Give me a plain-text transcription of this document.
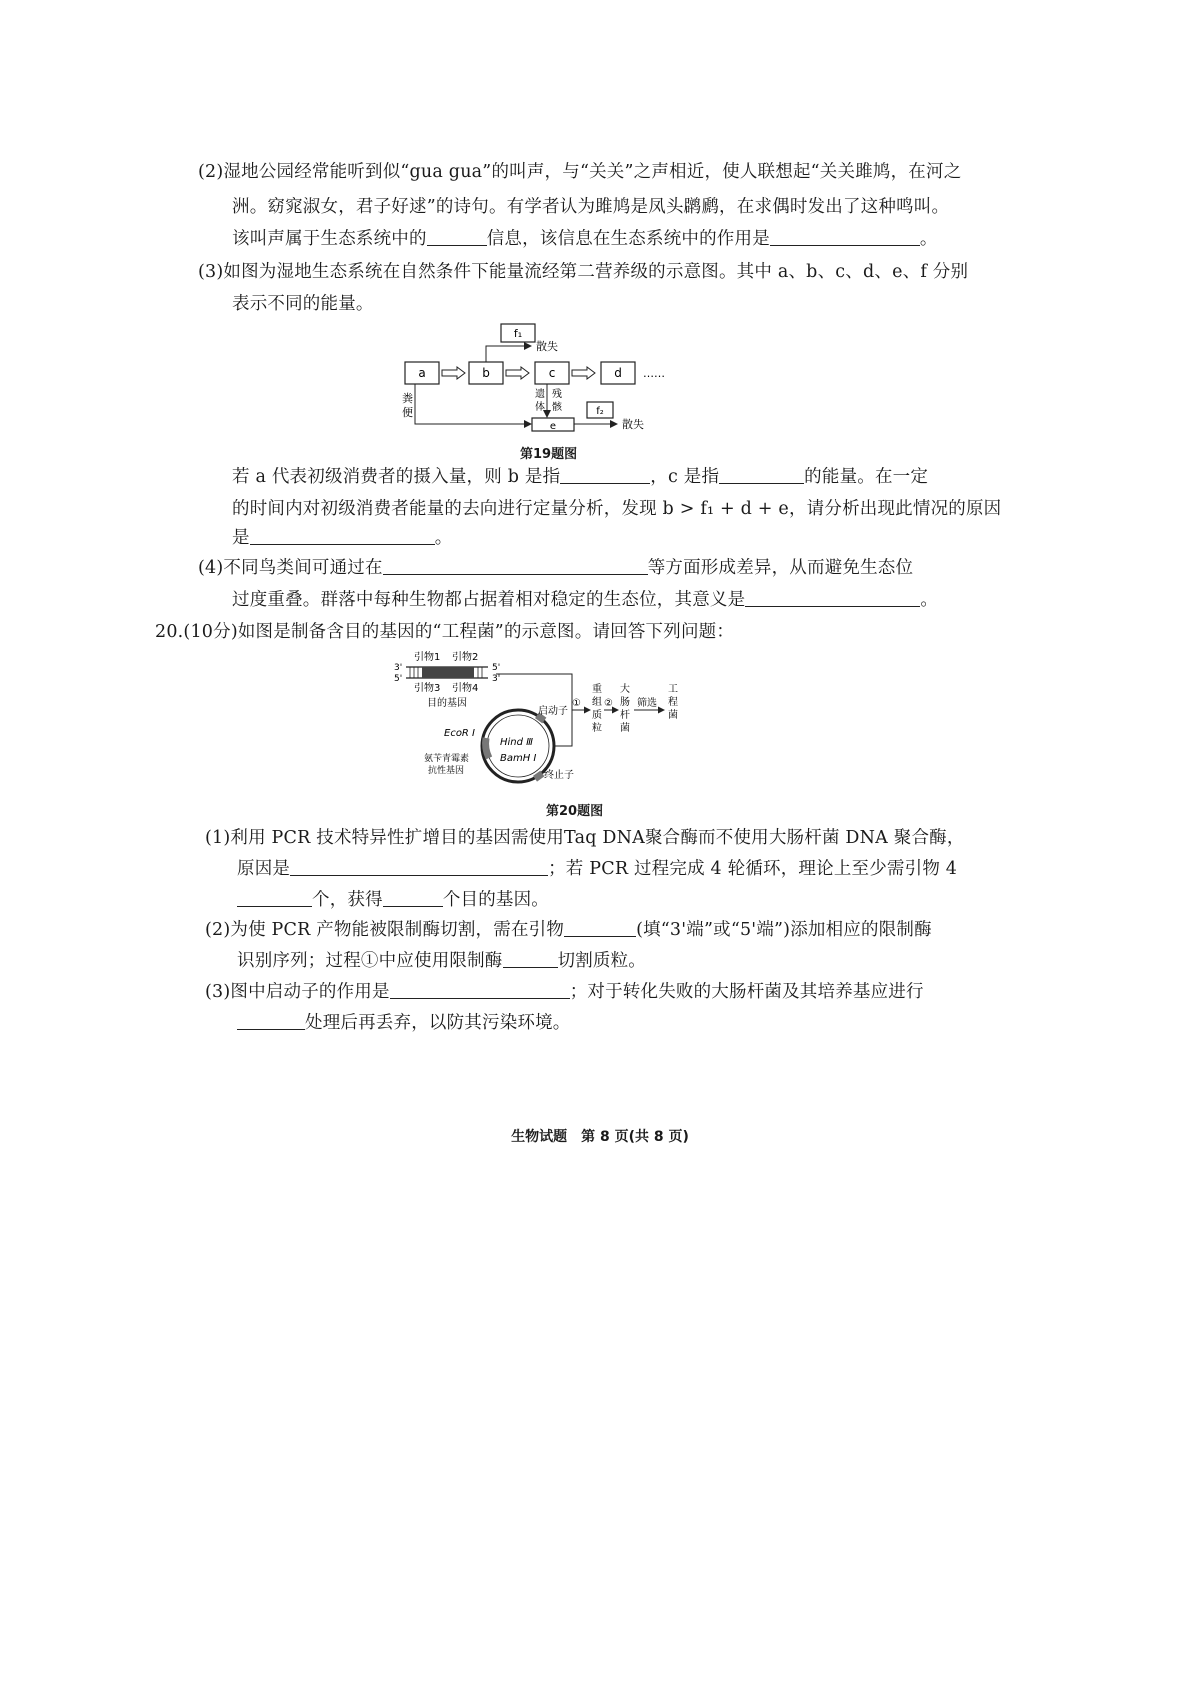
(2)湿地公园经常能听到似“gua gua”的叫声，与“关关”之声相近，使人联想起“关关雎鸠，在河之
洲。窈窕淑女，君子好逑”的诗句。有学者认为雎鸠是凤头䴙䴘，在求偶时发出了这种鸣叫。
该叫声属于生态系统中的	信息，该信息在生态系统中的作用是	。
(3)如图为湿地生态系统在自然条件下能量流经第二营养级的示意图。其中 a、b、c、d、e、f 分别
表示不同的能量。
f₁
a	b	c	d ……
散失
粪
便
遗
体
残
骸	f₂
e	散失
第19题图
若 a 代表初级消费者的摄入量，则 b 是指	，c 是指	的能量。在一定
的时间内对初级消费者能量的去向进行定量分析，发现 b > f₁ + d + e，请分析出现此情况的原因
是	。
(4)不同鸟类间可通过在	等方面形成差异，从而避免生态位
过度重叠。群落中每种生物都占据着相对稳定的生态位，其意义是	。
20.(10分)如图是制备含目的基因的“工程菌”的示意图。请回答下列问题：
引物1 引物2
3'
5'
5'
3'
引物3 引物4
目的基因
启动子
终止子
EcoR Ⅰ
Hind Ⅲ
BamH Ⅰ
氨苄青霉素
抗性基因
①
重
组
质
粒
②
大
肠
杆
菌
筛选
工
程
菌
第20题图
(1)利用 PCR 技术特异性扩增目的基因需使用Taq DNA聚合酶而不使用大肠杆菌 DNA 聚合酶，
原因是	；若 PCR 过程完成 4 轮循环，理论上至少需引物 4
个，获得	个目的基因。
(2)为使 PCR 产物能被限制酶切割，需在引物	(填“3'端”或“5'端”)添加相应的限制酶
识别序列；过程①中应使用限制酶	切割质粒。
(3)图中启动子的作用是	；对于转化失败的大肠杆菌及其培养基应进行
处理后再丢弃，以防其污染环境。
生物试题　第 8 页(共 8 页)
